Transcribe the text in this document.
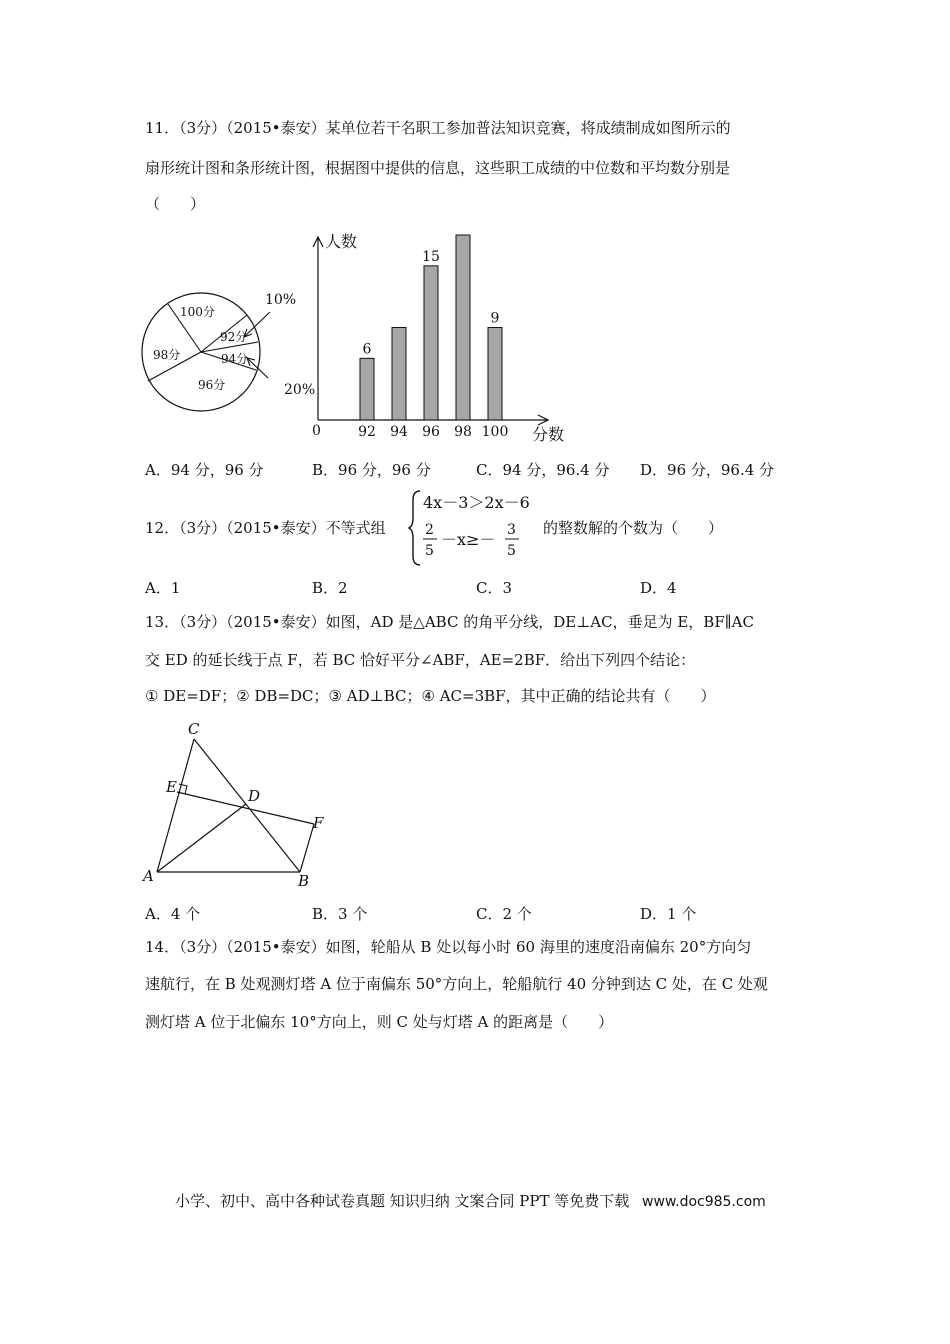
11．（3分）（2015•泰安）某单位若干名职工参加普法知识竞赛，将成绩制成如图所示的
扇形统计图和条形统计图，根据图中提供的信息，这些职工成绩的中位数和平均数分别是
（　　）
100分
92分
94分
96分
98分
10%
20%
人数
分数
0	92
6
94 96
15
98 100
9
A．94 分，96 分	B．96 分，96 分	C．94 分，96.4 分 D．96 分，96.4 分
12．（3分）（2015•泰安）不等式组
4x－3＞2x－6
2
5
－x≥－ 3
5
的整数解的个数为（　　）
A．1	B．2	C．3	D．4
13．（3分）（2015•泰安）如图，AD 是△ABC 的角平分线，DE⊥AC，垂足为 E，BF∥AC
交 ED 的延长线于点 F，若 BC 恰好平分∠ABF，AE=2BF．给出下列四个结论：
① DE=DF；② DB=DC；③ AD⊥BC；④ AC=3BF，其中正确的结论共有（　　）
C
E	D
F
A	B
A．4 个	B．3 个	C．2 个	D．1 个
14．（3分）（2015•泰安）如图，轮船从 B 处以每小时 60 海里的速度沿南偏东 20°方向匀
速航行，在 B 处观测灯塔 A 位于南偏东 50°方向上，轮船航行 40 分钟到达 C 处，在 C 处观
测灯塔 A 位于北偏东 10°方向上，则 C 处与灯塔 A 的距离是（　　）
小学、初中、高中各种试卷真题 知识归纳 文案合同 PPT 等免费下载 www.doc985.com
